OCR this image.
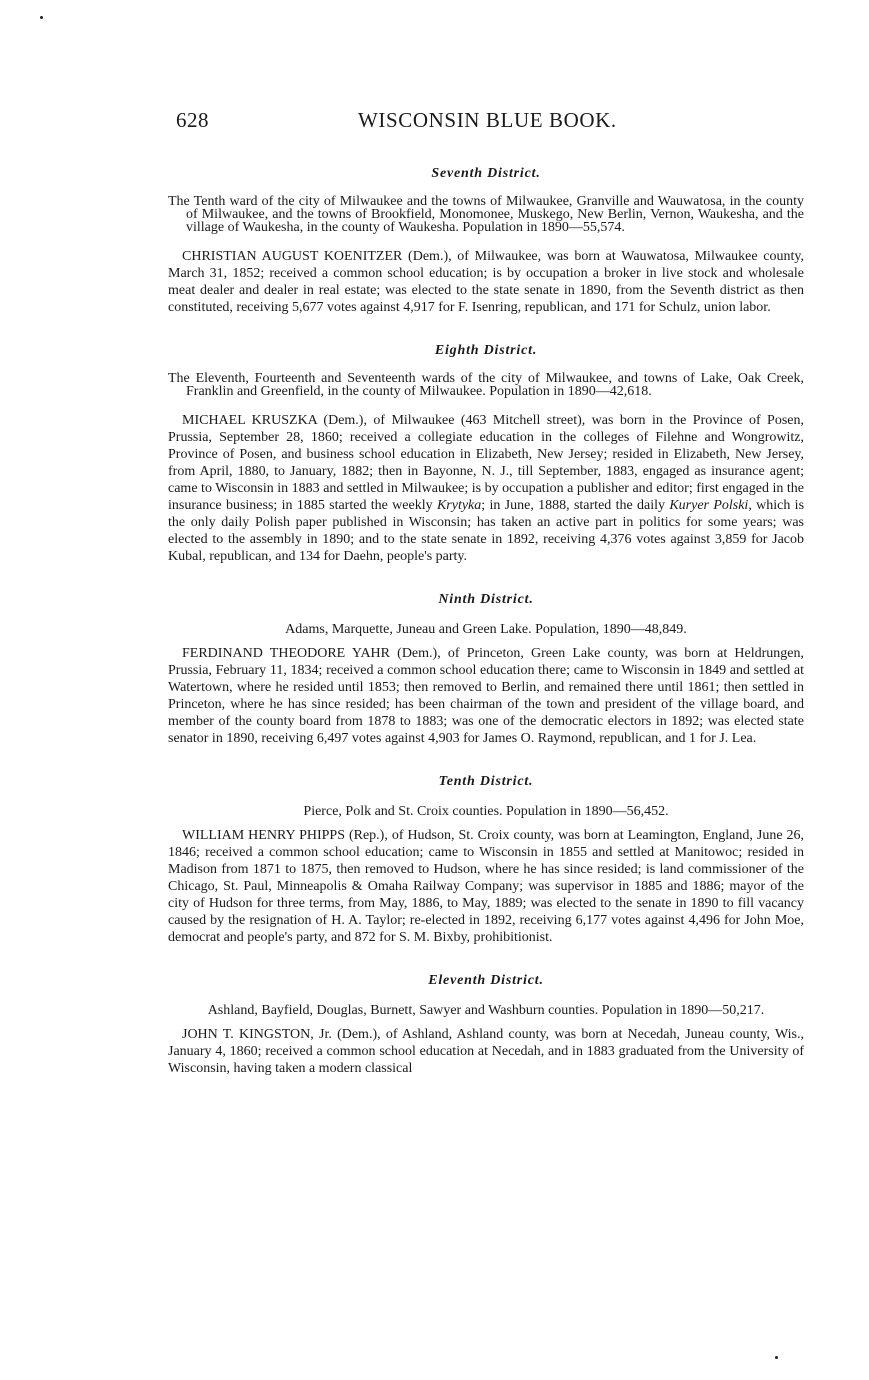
628	WISCONSIN BLUE BOOK.
Seventh District.

The Tenth ward of the city of Milwaukee and the towns of Milwaukee, Granville and Wauwatosa, in the county of Milwaukee, and the towns of Brookfield, Monomonee, Muskego, New Berlin, Vernon, Waukesha, and the village of Waukesha, in the county of Waukesha. Population in 1890—55,574.

CHRISTIAN AUGUST KOENITZER (Dem.), of Milwaukee, was born at Wauwatosa, Milwaukee county, March 31, 1852; received a common school education; is by occupation a broker in live stock and wholesale meat dealer and dealer in real estate; was elected to the state senate in 1890, from the Seventh district as then constituted, receiving 5,677 votes against 4,917 for F. Isenring, republican, and 171 for Schulz, union labor.

Eighth District.

The Eleventh, Fourteenth and Seventeenth wards of the city of Milwaukee, and towns of Lake, Oak Creek, Franklin and Greenfield, in the county of Milwaukee. Population in 1890—42,618.

MICHAEL KRUSZKA (Dem.), of Milwaukee (463 Mitchell street), was born in the Province of Posen, Prussia, September 28, 1860; received a collegiate education in the colleges of Filehne and Wongrowitz, Province of Posen, and business school education in Elizabeth, New Jersey; resided in Elizabeth, New Jersey, from April, 1880, to January, 1882; then in Bayonne, N. J., till September, 1883, engaged as insurance agent; came to Wisconsin in 1883 and settled in Milwaukee; is by occupation a publisher and editor; first engaged in the insurance business; in 1885 started the weekly Krytyka; in June, 1888, started the daily Kuryer Polski, which is the only daily Polish paper published in Wisconsin; has taken an active part in politics for some years; was elected to the assembly in 1890; and to the state senate in 1892, receiving 4,376 votes against 3,859 for Jacob Kubal, republican, and 134 for Daehn, people's party.

Ninth District.

Adams, Marquette, Juneau and Green Lake. Population, 1890—48,849.

FERDINAND THEODORE YAHR (Dem.), of Princeton, Green Lake county, was born at Heldrungen, Prussia, February 11, 1834; received a common school education there; came to Wisconsin in 1849 and settled at Watertown, where he resided until 1853; then removed to Berlin, and remained there until 1861; then settled in Princeton, where he has since resided; has been chairman of the town and president of the village board, and member of the county board from 1878 to 1883; was one of the democratic electors in 1892; was elected state senator in 1890, receiving 6,497 votes against 4,903 for James O. Raymond, republican, and 1 for J. Lea.

Tenth District.

Pierce, Polk and St. Croix counties. Population in 1890—56,452.

WILLIAM HENRY PHIPPS (Rep.), of Hudson, St. Croix county, was born at Leamington, England, June 26, 1846; received a common school education; came to Wisconsin in 1855 and settled at Manitowoc; resided in Madison from 1871 to 1875, then removed to Hudson, where he has since resided; is land commissioner of the Chicago, St. Paul, Minneapolis & Omaha Railway Company; was supervisor in 1885 and 1886; mayor of the city of Hudson for three terms, from May, 1886, to May, 1889; was elected to the senate in 1890 to fill vacancy caused by the resignation of H. A. Taylor; re-elected in 1892, receiving 6,177 votes against 4,496 for John Moe, democrat and people's party, and 872 for S. M. Bixby, prohibitionist.

Eleventh District.

Ashland, Bayfield, Douglas, Burnett, Sawyer and Washburn counties. Population in 1890—50,217.

JOHN T. KINGSTON, Jr. (Dem.), of Ashland, Ashland county, was born at Necedah, Juneau county, Wis., January 4, 1860; received a common school education at Necedah, and in 1883 graduated from the University of Wisconsin, having taken a modern classical
